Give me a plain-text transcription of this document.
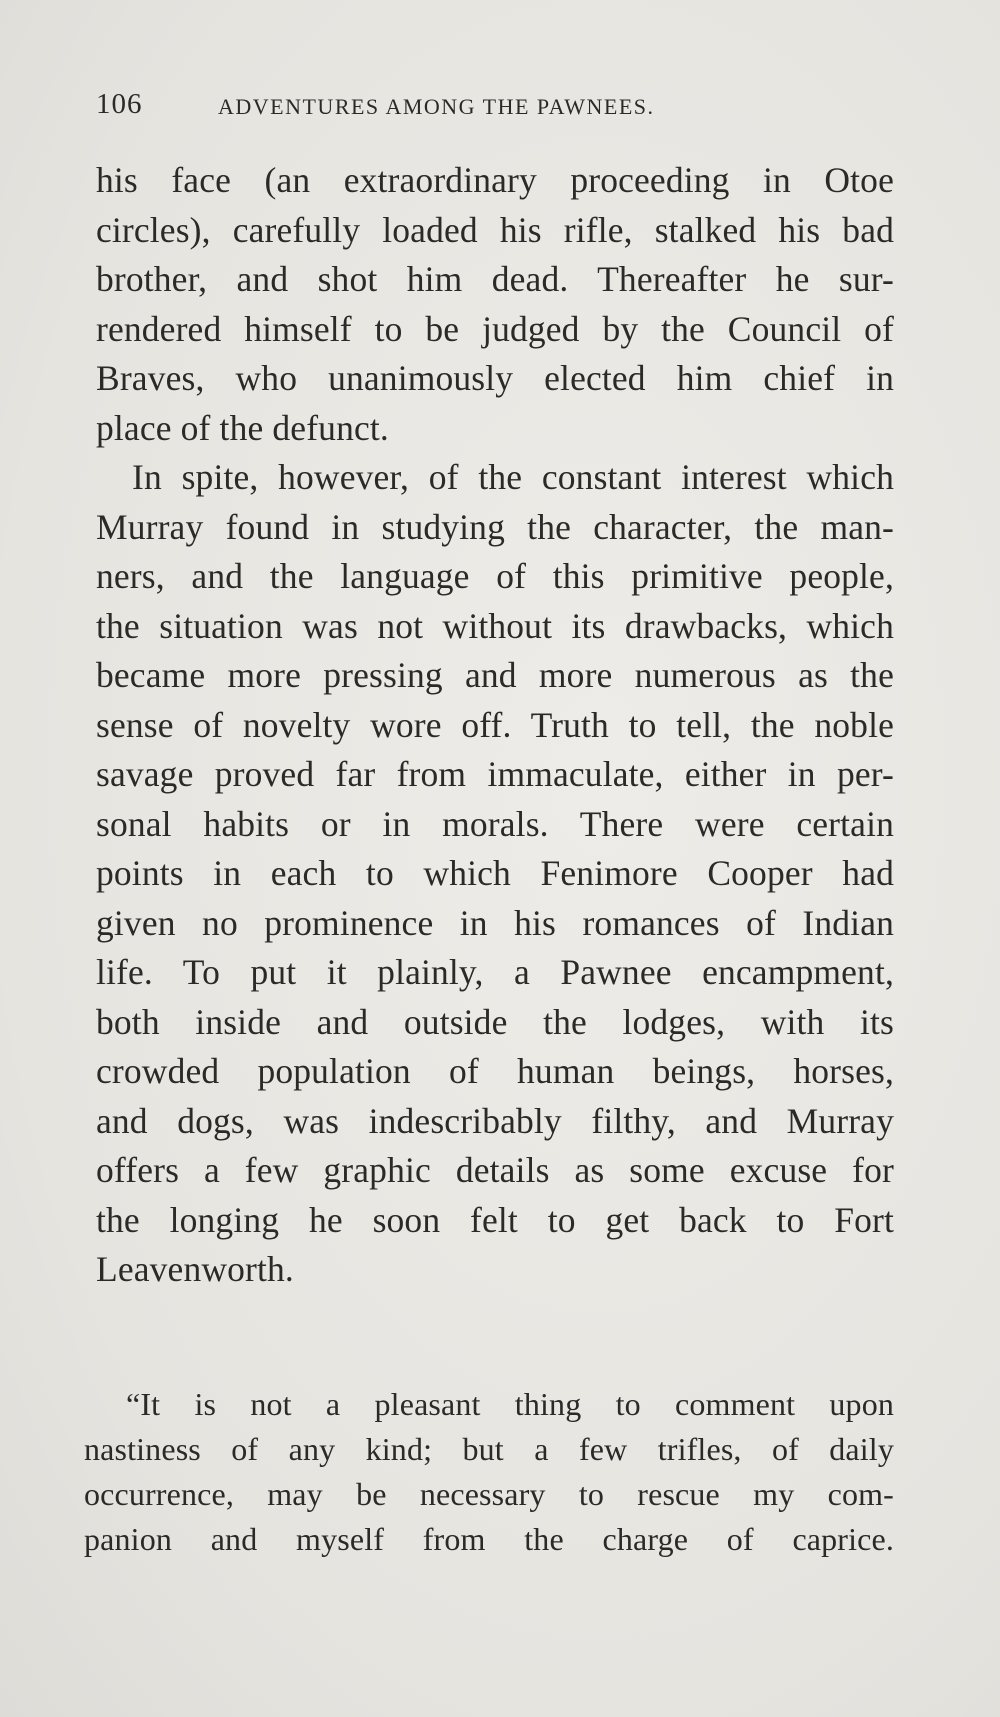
106	ADVENTURES AMONG THE PAWNEES.
his face (an extraordinary proceeding in Otoe
circles), carefully loaded his rifle, stalked his bad
brother, and shot him dead. Thereafter he sur-
rendered himself to be judged by the Council of
Braves, who unanimously elected him chief in
place of the defunct.
In spite, however, of the constant interest which
Murray found in studying the character, the man-
ners, and the language of this primitive people,
the situation was not without its drawbacks, which
became more pressing and more numerous as the
sense of novelty wore off. Truth to tell, the noble
savage proved far from immaculate, either in per-
sonal habits or in morals. There were certain
points in each to which Fenimore Cooper had
given no prominence in his romances of Indian
life. To put it plainly, a Pawnee encampment,
both inside and outside the lodges, with its
crowded population of human beings, horses,
and dogs, was indescribably filthy, and Murray
offers a few graphic details as some excuse for
the longing he soon felt to get back to Fort
Leavenworth.
“It is not a pleasant thing to comment upon
nastiness of any kind; but a few trifles, of daily
occurrence, may be necessary to rescue my com-
panion and myself from the charge of caprice.
